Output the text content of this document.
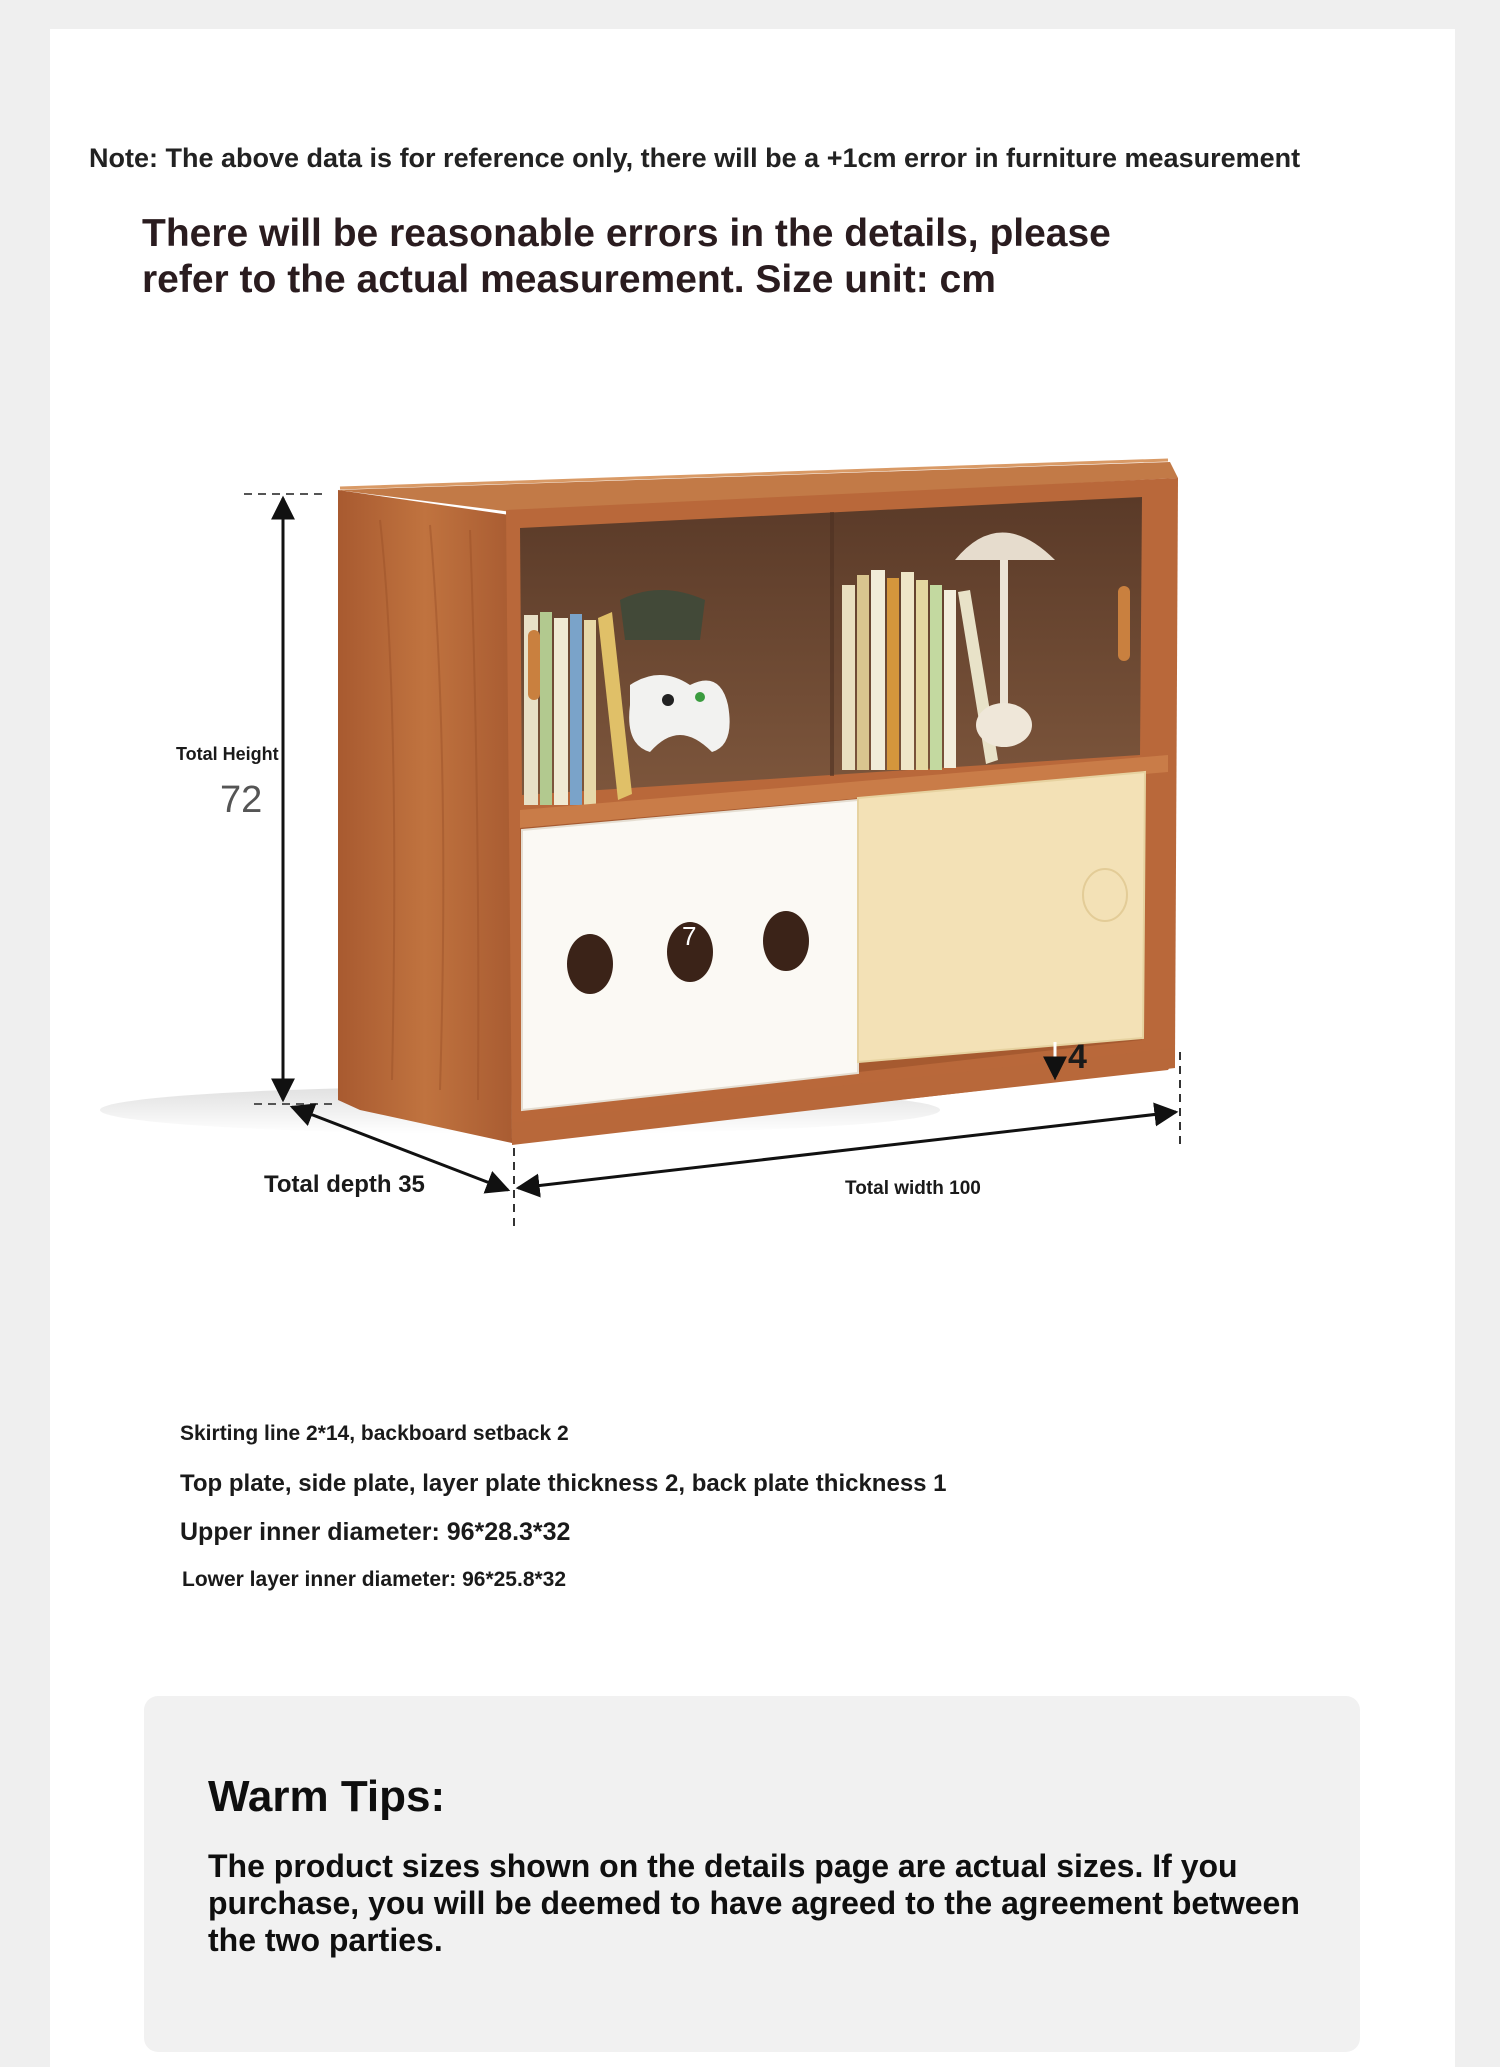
Note: The above data is for reference only, there will be a +1cm error in furniture measurement
There will be reasonable errors in the details, please
refer to the actual measurement. Size unit: cm
7
4
Total Height
72
Total depth 35	Total width 100
Skirting line 2*14, backboard setback 2
Top plate, side plate, layer plate thickness 2, back plate thickness 1
Upper inner diameter: 96*28.3*32
Lower layer inner diameter: 96*25.8*32
Warm Tips:
The product sizes shown on the details page are actual sizes. If you purchase, you will be deemed to have agreed to the agreement between the two parties.
